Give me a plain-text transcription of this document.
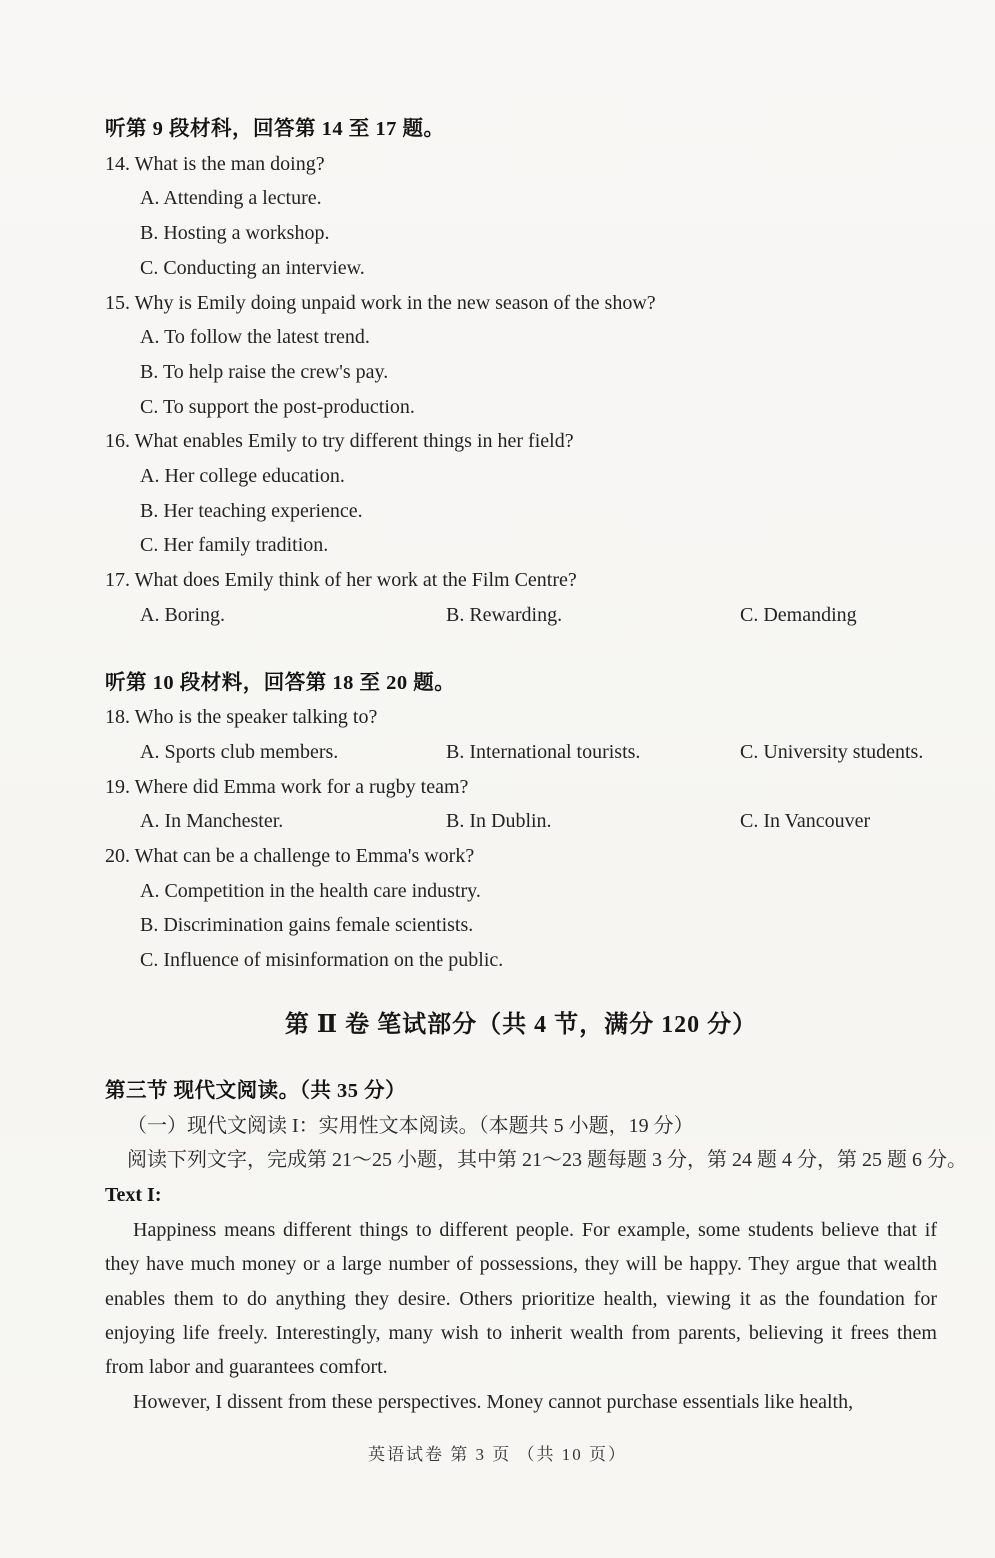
听第 9 段材科，回答第 14 至 17 题。
14. What is the man doing?
A. Attending a lecture.
B. Hosting a workshop.
C. Conducting an interview.
15. Why is Emily doing unpaid work in the new season of the show?
A. To follow the latest trend.
B. To help raise the crew's pay.
C. To support the post-production.
16. What enables Emily to try different things in her field?
A. Her college education.
B. Her teaching experience.
C. Her family tradition.
17. What does Emily think of her work at the Film Centre?
A. Boring.	B. Rewarding.	C. Demanding
听第 10 段材料，回答第 18 至 20 题。
18. Who is the speaker talking to?
A. Sports club members.	B. International tourists.	C. University students.
19. Where did Emma work for a rugby team?
A. In Manchester.	B. In Dublin.	C. In Vancouver
20. What can be a challenge to Emma's work?
A. Competition in the health care industry.
B. Discrimination gains female scientists.
C. Influence of misinformation on the public.
第 Ⅱ 卷 笔试部分（共 4 节，满分 120 分）
第三节 现代文阅读。（共 35 分）
（一）现代文阅读 I：实用性文本阅读。（本题共 5 小题，19 分）
阅读下列文字，完成第 21～25 小题，其中第 21～23 题每题 3 分，第 24 题 4 分，第 25 题 6 分。
Text I:

Happiness means different things to different people. For example, some students believe that if they have much money or a large number of possessions, they will be happy. They argue that wealth enables them to do anything they desire. Others prioritize health, viewing it as the foundation for enjoying life freely. Interestingly, many wish to inherit wealth from parents, believing it frees them from labor and guarantees comfort.

However, I dissent from these perspectives. Money cannot purchase essentials like health,

英语试卷 第 3 页 （共 10 页）
